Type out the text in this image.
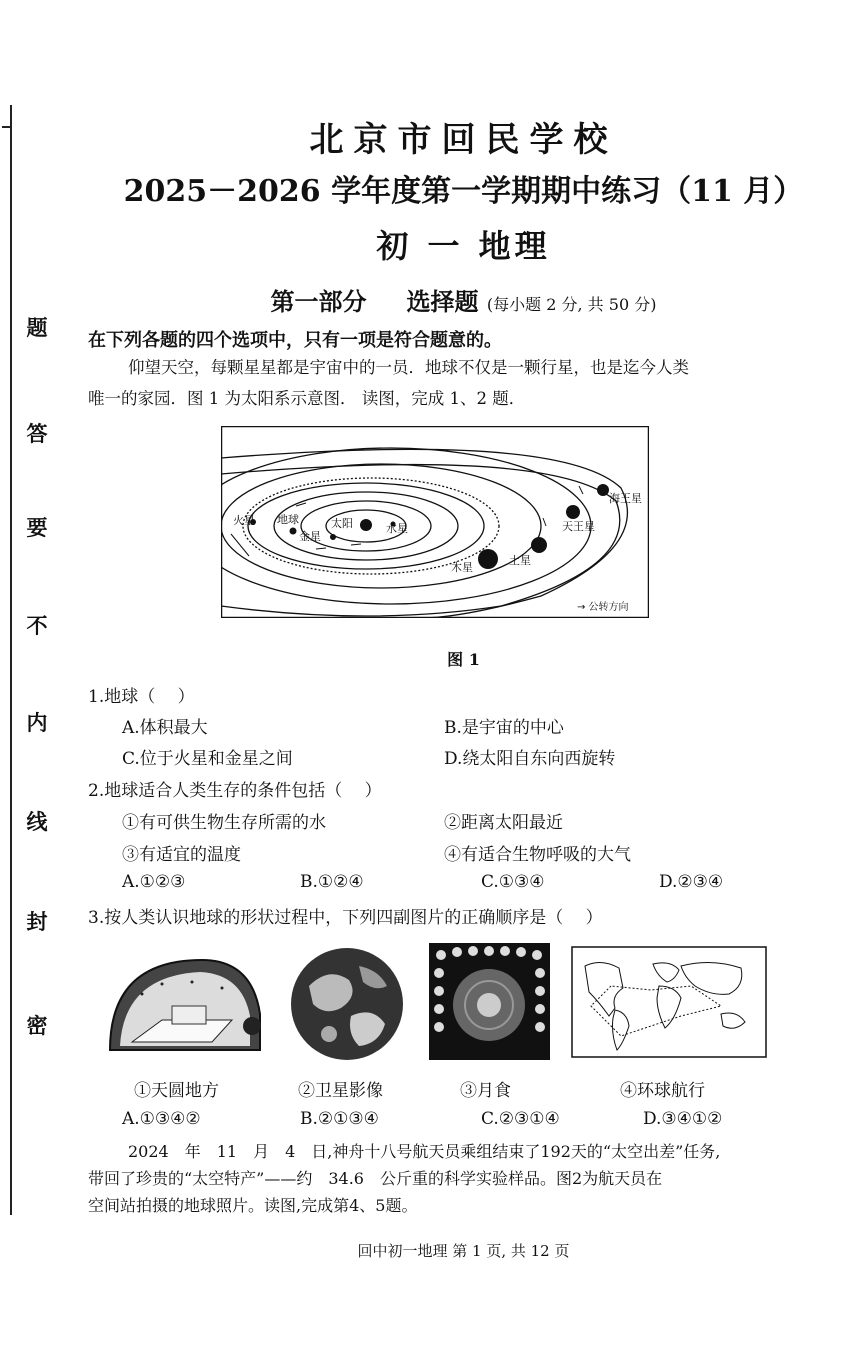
题
答
要
不
内
线
封
密
北京市回民学校
2025－2026 学年度第一学期期中练习（11 月）
初 一 地理
第一部分 选择题 (每小题 2 分, 共 50 分)
在下列各题的四个选项中，只有一项是符合题意的。
仰望天空，每颗星星都是宇宙中的一员．地球不仅是一颗行星，也是迄今人类
唯一的家园．图 1 为太阳系示意图． 读图，完成 1、2 题．
太阳	水星
金星
地球
火星
木星
土星
天王星
海王星
→ 公转方向
图 1
1.地球（　 ）
A.体积最大	B.是宇宙的中心
C.位于火星和金星之间	D.绕太阳自东向西旋转
2.地球适合人类生存的条件包括（　 ）
①有可供生物生存所需的水	②距离太阳最近
③有适宜的温度	④有适合生物呼吸的大气
A.①②③	B.①②④	C.①③④	D.②③④
3.按人类认识地球的形状过程中，下列四副图片的正确顺序是（　 ）
①天圆地方	②卫星影像	③月食	④环球航行
A.①③④②	B.②①③④	C.②③①④	D.③④①②
2024　年　11　月　4　日,神舟十八号航天员乘组结束了192天的“太空出差”任务,
带回了珍贵的“太空特产”——约　34.6　公斤重的科学实验样品。图2为航天员在
空间站拍摄的地球照片。读图,完成第4、5题。
回中初一地理 第 1 页, 共 12 页
